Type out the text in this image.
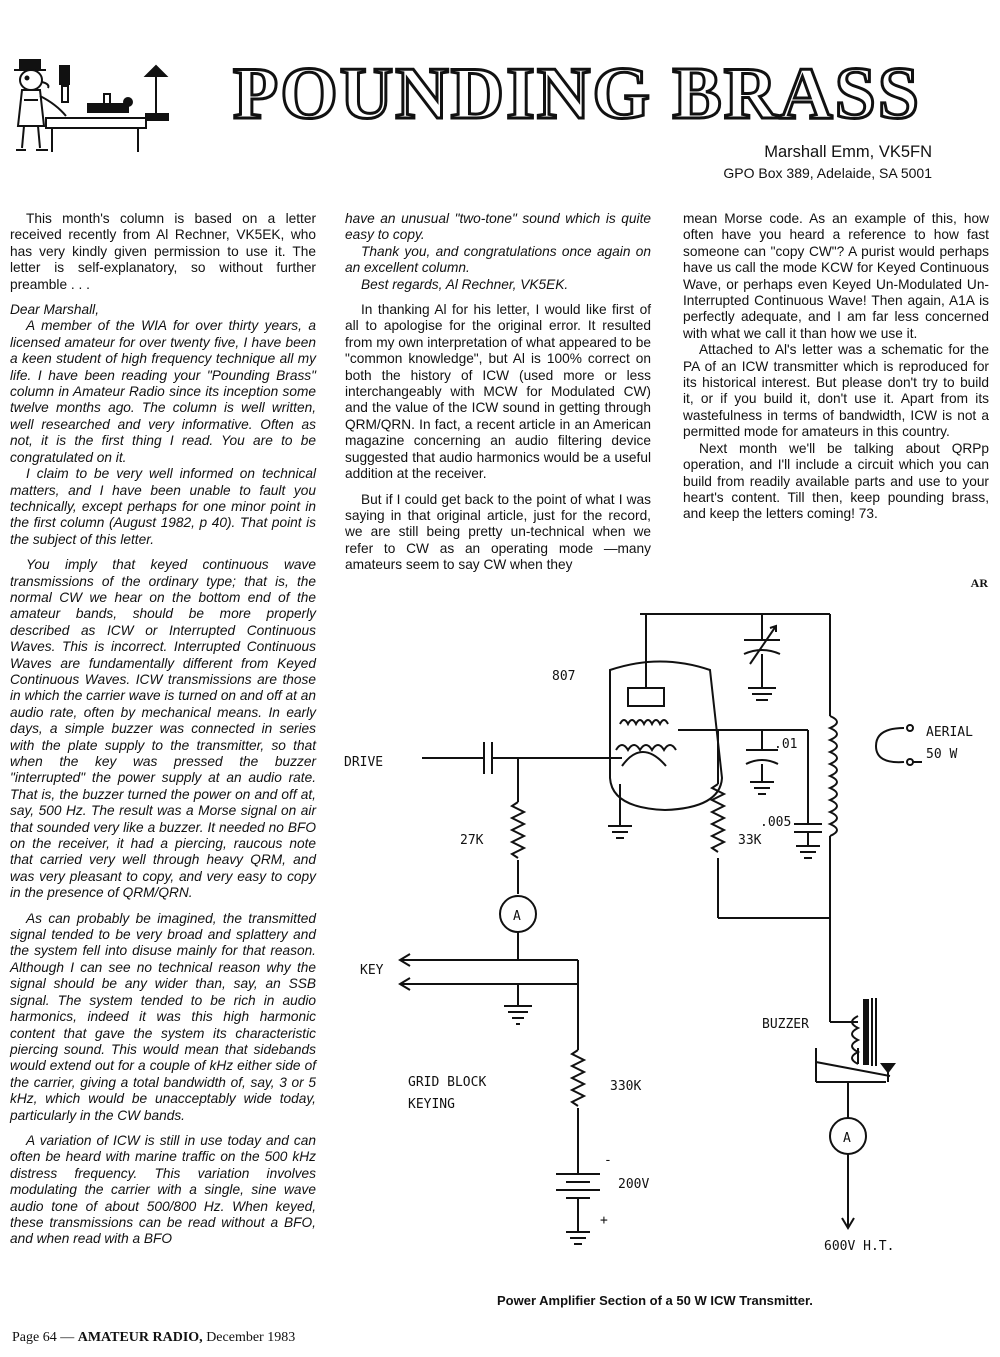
POUNDING BRASS
Marshall Emm, VK5FN
GPO Box 389, Adelaide, SA 5001

This month's column is based on a letter received recently from Al Rechner, VK5EK, who has very kindly given permission to use it. The letter is self-explanatory, so without further preamble . . .

Dear Marshall,

A member of the WIA for over thirty years, a licensed amateur for over twenty five, I have been a keen student of high frequency technique all my life. I have been reading your "Pounding Brass" column in Amateur Radio since its inception some twelve months ago. The column is well written, well researched and very informative. Often as not, it is the first thing I read. You are to be congratulated on it.

I claim to be very well informed on technical matters, and I have been unable to fault you technically, except perhaps for one minor point in the first column (August 1982, p 40). That point is the subject of this letter.

You imply that keyed continuous wave transmissions of the ordinary type; that is, the normal CW we hear on the bottom end of the amateur bands, should be more properly described as ICW or Interrupted Continuous Waves. This is incorrect. Interrupted Continuous Waves are fundamentally different from Keyed Continuous Waves. ICW transmissions are those in which the carrier wave is turned on and off at an audio rate, often by mechanical means. In early days, a simple buzzer was connected in series with the plate supply to the transmitter, so that when the key was pressed the buzzer "interrupted" the power supply at an audio rate. That is, the buzzer turned the power on and off at, say, 500 Hz. The result was a Morse signal on air that sounded very like a buzzer. It needed no BFO on the receiver, it had a piercing, raucous note that carried very well through heavy QRM, and was very pleasant to copy, and very easy to copy in the presence of QRM/QRN.

As can probably be imagined, the transmitted signal tended to be very broad and splattery and the system fell into disuse mainly for that reason. Although I can see no technical reason why the signal should be any wider than, say, an SSB signal. The system tended to be rich in audio harmonics, indeed it was this high harmonic content that gave the system its characteristic piercing sound. This would mean that sidebands would extend out for a couple of kHz either side of the carrier, giving a total bandwidth of, say, 3 or 5 kHz, which would be unacceptably wide today, particularly in the CW bands.

A variation of ICW is still in use today and can often be heard with marine traffic on the 500 kHz distress frequency. This variation involves modulating the carrier with a single, sine wave audio tone of about 500/800 Hz. When keyed, these transmissions can be read without a BFO, and when read with a BFO

have an unusual "two-tone" sound which is quite easy to copy.

Thank you, and congratulations once again on an excellent column.

Best regards, Al Rechner, VK5EK.

In thanking Al for his letter, I would like first of all to apologise for the original error. It resulted from my own interpretation of what appeared to be "common knowledge", but Al is 100% correct on both the history of ICW (used more or less interchangeably with MCW for Modulated CW) and the value of the ICW sound in getting through QRM/QRN. In fact, a recent article in an American magazine concerning an audio filtering device suggested that audio harmonics would be a useful addition at the receiver.

But if I could get back to the point of what I was saying in that original article, just for the record, we are still being pretty un-technical when we refer to CW as an operating mode —many amateurs seem to say CW when they

mean Morse code. As an example of this, how often have you heard a reference to how fast someone can "copy CW"? A purist would perhaps have us call the mode KCW for Keyed Continuous Wave, or perhaps even Keyed Un-Modulated Un-Interrupted Continuous Wave! Then again, A1A is perfectly adequate, and I am far less concerned with what we call it than how we use it.

Attached to Al's letter was a schematic for the PA of an ICW transmitter which is reproduced for its historical interest. But please don't try to build it, or if you build it, don't use it. Apart from its wastefulness in terms of bandwidth, ICW is not a permitted mode for amateurs in this country.

Next month we'll be talking about QRPp operation, and I'll include a circuit which you can build from readily available parts and use to your heart's content. Till then, keep pounding brass, and keep the letters coming! 73.

AR
807
DRIVE
27K
A
KEY
GRID BLOCK
KEYING
330K
200V
-
+
.01
.005
33K
AERIAL
50 W
BUZZER
A
600V H.T.
Power Amplifier Section of a 50 W ICW Transmitter.
Page 64 — AMATEUR RADIO, December 1983
